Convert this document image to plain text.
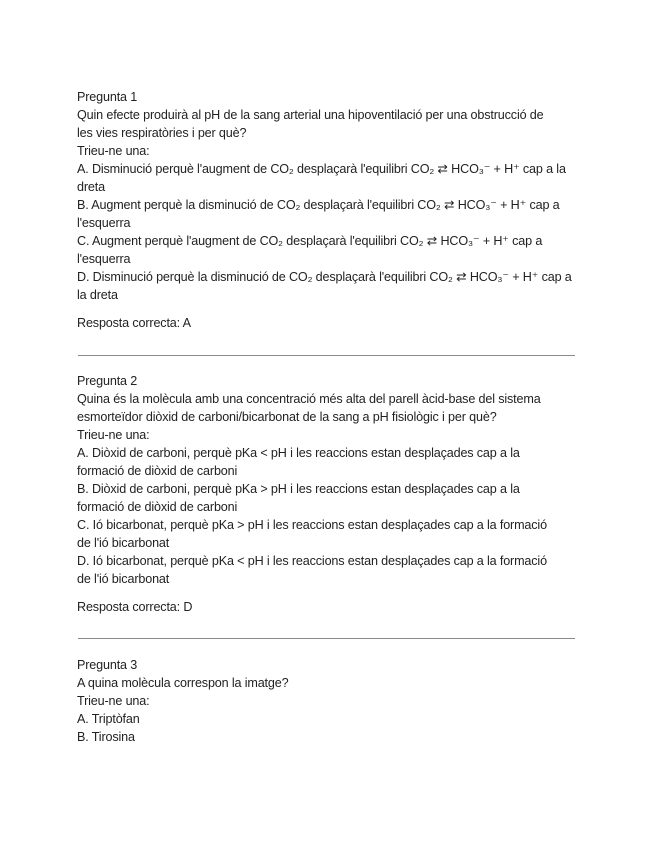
Pregunta 1
Quin efecte produirà al pH de la sang arterial una hipoventilació per una obstrucció de
les vies respiratòries i per què?
Trieu-ne una:
A. Disminució perquè l'augment de CO₂ desplaçarà l'equilibri CO₂ ⇄ HCO₃⁻ + H⁺ cap a la
dreta
B. Augment perquè la disminució de CO₂ desplaçarà l'equilibri CO₂ ⇄ HCO₃⁻ + H⁺ cap a
l'esquerra
C. Augment perquè l'augment de CO₂ desplaçarà l'equilibri CO₂ ⇄ HCO₃⁻ + H⁺ cap a
l'esquerra
D. Disminució perquè la disminució de CO₂ desplaçarà l'equilibri CO₂ ⇄ HCO₃⁻ + H⁺ cap a
la dreta
Resposta correcta: A
Pregunta 2
Quina és la molècula amb una concentració més alta del parell àcid-base del sistema
esmorteïdor diòxid de carboni/bicarbonat de la sang a pH fisiològic i per què?
Trieu-ne una:
A. Diòxid de carboni, perquè pKa < pH i les reaccions estan desplaçades cap a la
formació de diòxid de carboni
B. Diòxid de carboni, perquè pKa > pH i les reaccions estan desplaçades cap a la
formació de diòxid de carboni
C. Ió bicarbonat, perquè pKa > pH i les reaccions estan desplaçades cap a la formació
de l'ió bicarbonat
D. Ió bicarbonat, perquè pKa < pH i les reaccions estan desplaçades cap a la formació
de l'ió bicarbonat
Resposta correcta: D
Pregunta 3
A quina molècula correspon la imatge?
Trieu-ne una:
A. Triptòfan
B. Tirosina
